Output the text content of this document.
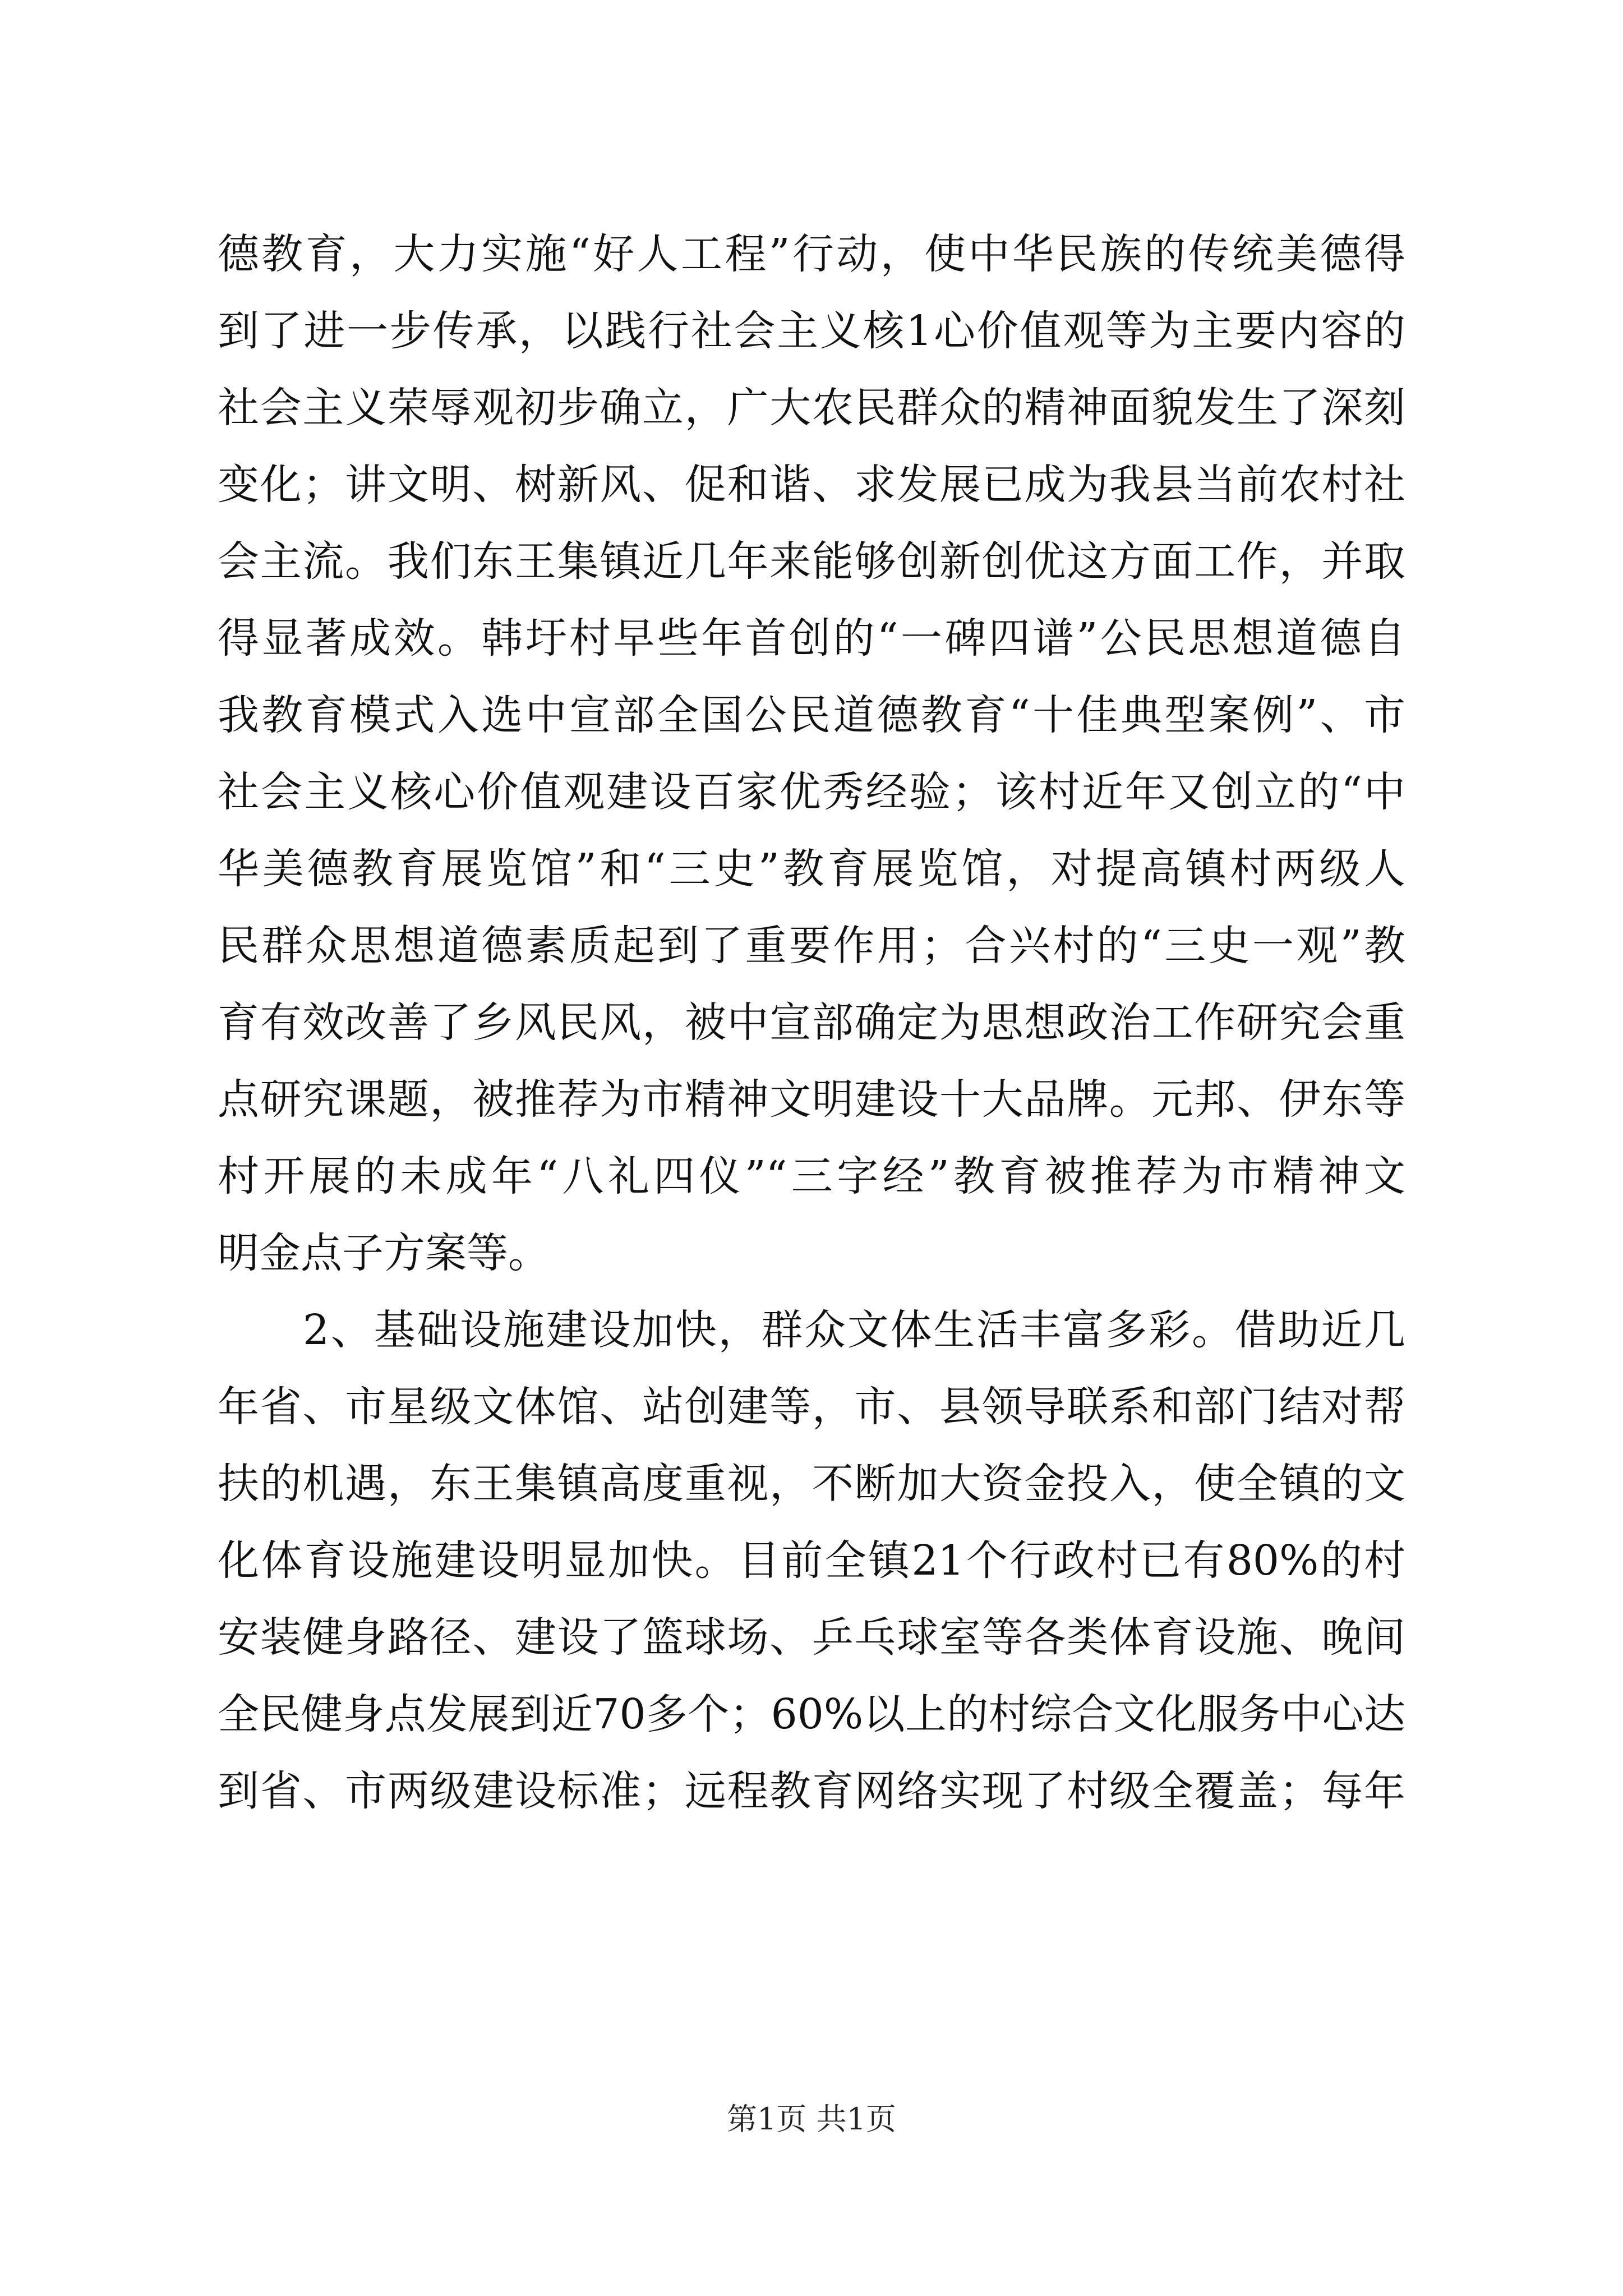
德教育，大力实施“好人工程”行动，使中华民族的传统美德得
到了进一步传承，以践行社会主义核1心价值观等为主要内容的
社会主义荣辱观初步确立，广大农民群众的精神面貌发生了深刻
变化；讲文明、树新风、促和谐、求发展已成为我县当前农村社
会主流。我们东王集镇近几年来能够创新创优这方面工作，并取
得显著成效。韩圩村早些年首创的“一碑四谱”公民思想道德自
我教育模式入选中宣部全国公民道德教育“十佳典型案例”、市
社会主义核心价值观建设百家优秀经验；该村近年又创立的“中
华美德教育展览馆”和“三史”教育展览馆，对提高镇村两级人
民群众思想道德素质起到了重要作用；合兴村的“三史一观”教
育有效改善了乡风民风，被中宣部确定为思想政治工作研究会重
点研究课题，被推荐为市精神文明建设十大品牌。元邦、伊东等
村开展的未成年“八礼四仪”“三字经”教育被推荐为市精神文
明金点子方案等。
2、基础设施建设加快，群众文体生活丰富多彩。借助近几
年省、市星级文体馆、站创建等，市、县领导联系和部门结对帮
扶的机遇，东王集镇高度重视，不断加大资金投入，使全镇的文
化体育设施建设明显加快。目前全镇21个行政村已有80%的村
安装健身路径、建设了篮球场、乒乓球室等各类体育设施、晚间
全民健身点发展到近70多个；60%以上的村综合文化服务中心达
到省、市两级建设标准；远程教育网络实现了村级全覆盖；每年
第1页 共1页
